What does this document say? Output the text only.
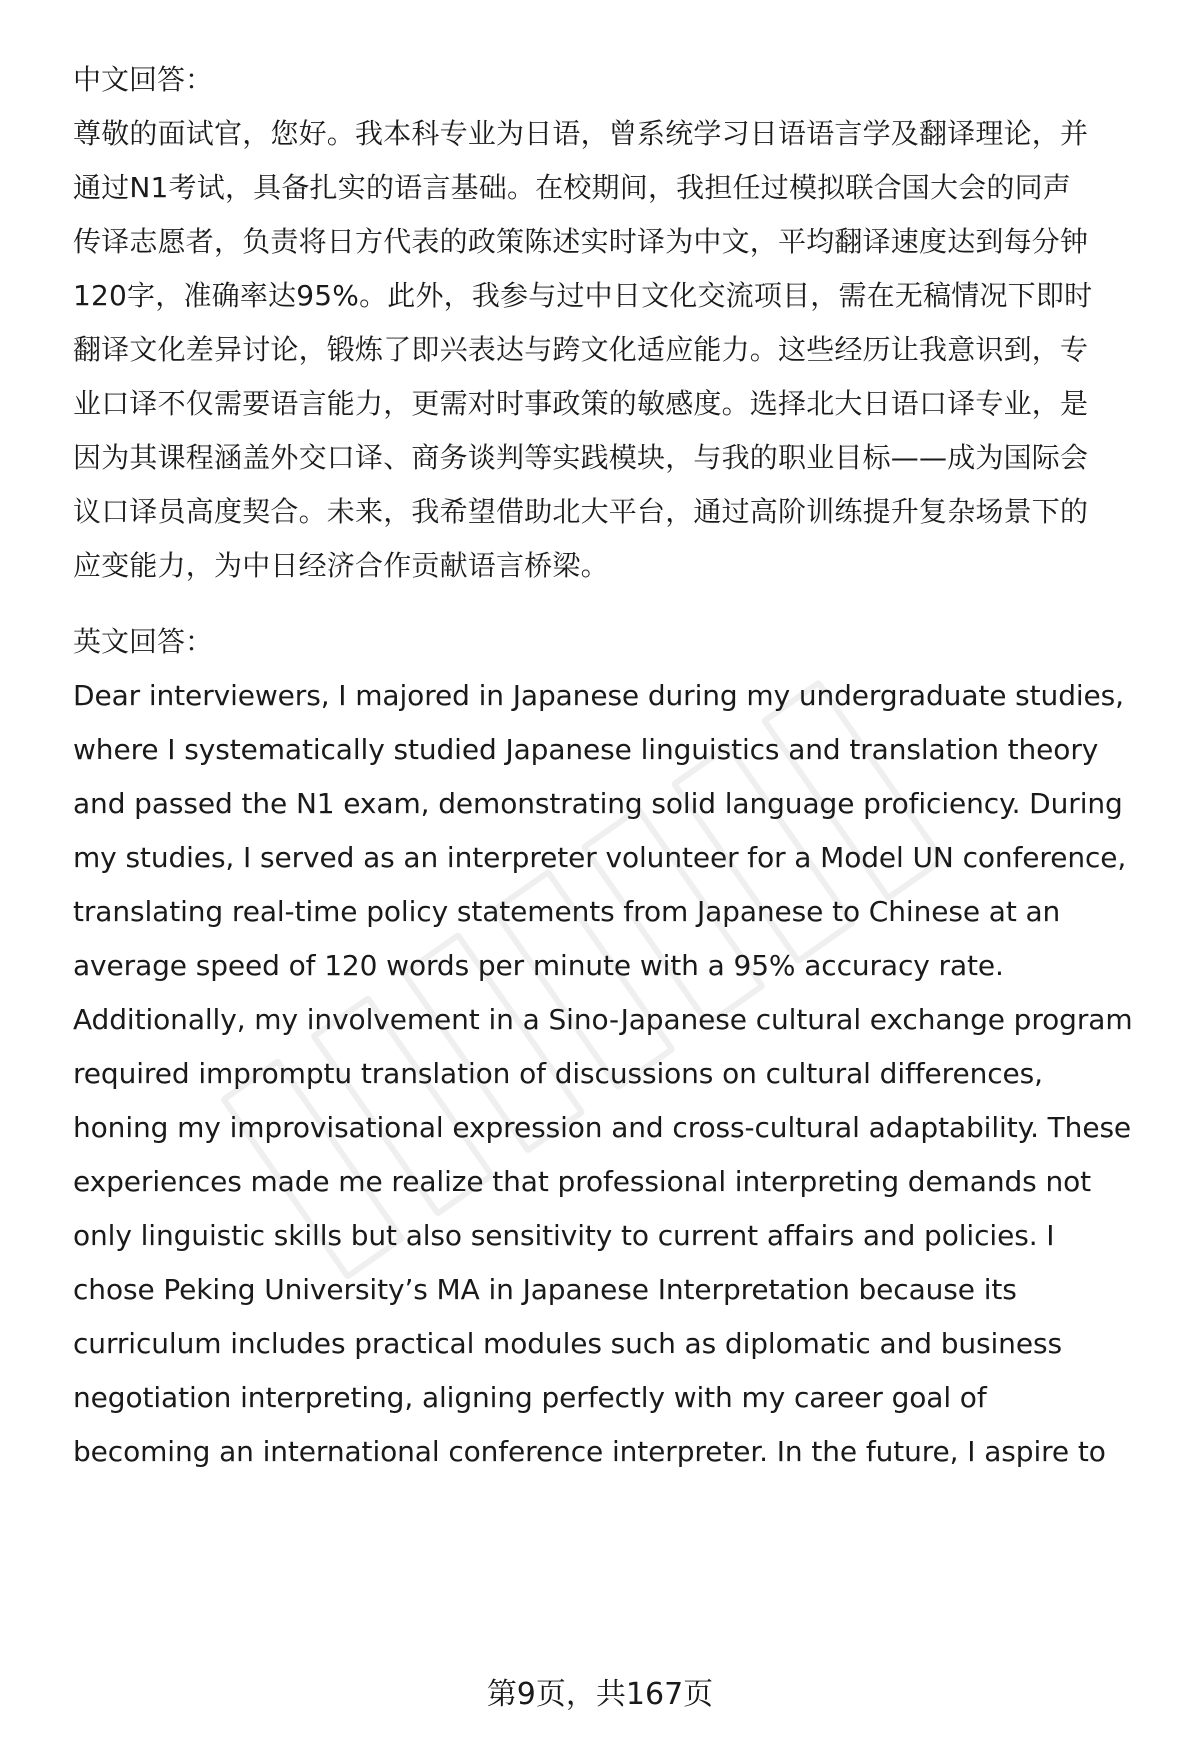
中文回答：

尊敬的面试官，您好。我本科专业为日语，曾系统学习日语语言学及翻译理论，并

通过N1考试，具备扎实的语言基础。在校期间，我担任过模拟联合国大会的同声

传译志愿者，负责将日方代表的政策陈述实时译为中文，平均翻译速度达到每分钟

120字，准确率达95%。此外，我参与过中日文化交流项目，需在无稿情况下即时

翻译文化差异讨论，锻炼了即兴表达与跨文化适应能力。这些经历让我意识到，专

业口译不仅需要语言能力，更需对时事政策的敏感度。选择北大日语口译专业，是

因为其课程涵盖外交口译、商务谈判等实践模块，与我的职业目标——成为国际会

议口译员高度契合。未来，我希望借助北大平台，通过高阶训练提升复杂场景下的

应变能力，为中日经济合作贡献语言桥梁。

英文回答：

Dear interviewers, I majored in Japanese during my undergraduate studies,

where I systematically studied Japanese linguistics and translation theory

and passed the N1 exam, demonstrating solid language proficiency. During

my studies, I served as an interpreter volunteer for a Model UN conference,

translating real-time policy statements from Japanese to Chinese at an

average speed of 120 words per minute with a 95% accuracy rate.

Additionally, my involvement in a Sino-Japanese cultural exchange program

required impromptu translation of discussions on cultural differences,

honing my improvisational expression and cross-cultural adaptability. These

experiences made me realize that professional interpreting demands not

only linguistic skills but also sensitivity to current affairs and policies. I

chose Peking University’s MA in Japanese Interpretation because its

curriculum includes practical modules such as diplomatic and business

negotiation interpreting, aligning perfectly with my career goal of

becoming an international conference interpreter. In the future, I aspire to

第9页，共167页
